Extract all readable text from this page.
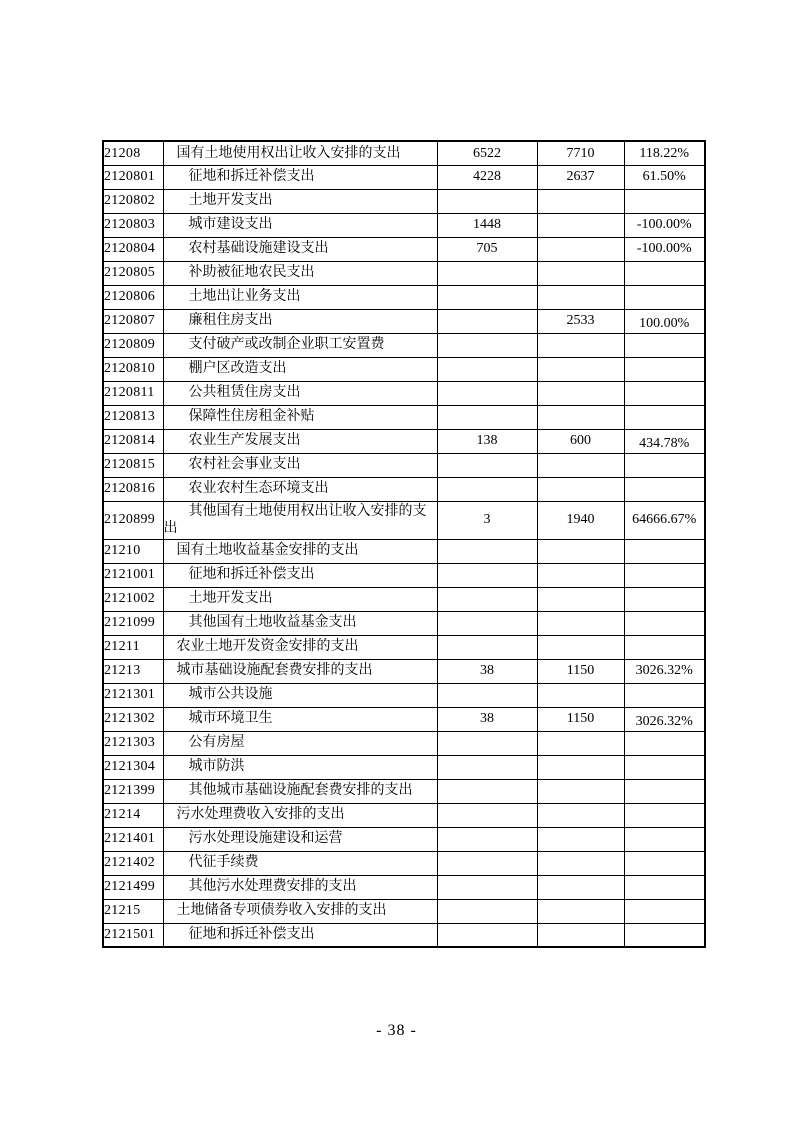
21208	国有土地使用权出让收入安排的支出	6522	7710	118.22%
2120801	征地和拆迁补偿支出	4228	2637	61.50%
2120802	土地开发支出			
2120803	城市建设支出	1448		-100.00%
2120804	农村基础设施建设支出	705		-100.00%
2120805	补助被征地农民支出			
2120806	土地出让业务支出			
2120807	廉租住房支出		2533	100.00%
2120809	支付破产或改制企业职工安置费			
2120810	棚户区改造支出			
2120811	公共租赁住房支出			
2120813	保障性住房租金补贴			
2120814	农业生产发展支出	138	600	434.78%
2120815	农村社会事业支出			
2120816	农业农村生态环境支出			
2120899	其他国有土地使用权出让收入安排的支出	3	1940	64666.67%
21210	国有土地收益基金安排的支出			
2121001	征地和拆迁补偿支出			
2121002	土地开发支出			
2121099	其他国有土地收益基金支出			
21211	农业土地开发资金安排的支出			
21213	城市基础设施配套费安排的支出	38	1150	3026.32%
2121301	城市公共设施			
2121302	城市环境卫生	38	1150	3026.32%
2121303	公有房屋			
2121304	城市防洪			
2121399	其他城市基础设施配套费安排的支出			
21214	污水处理费收入安排的支出			
2121401	污水处理设施建设和运营			
2121402	代征手续费			
2121499	其他污水处理费安排的支出			
21215	土地储备专项债券收入安排的支出			
2121501	征地和拆迁补偿支出			
- 38 -
